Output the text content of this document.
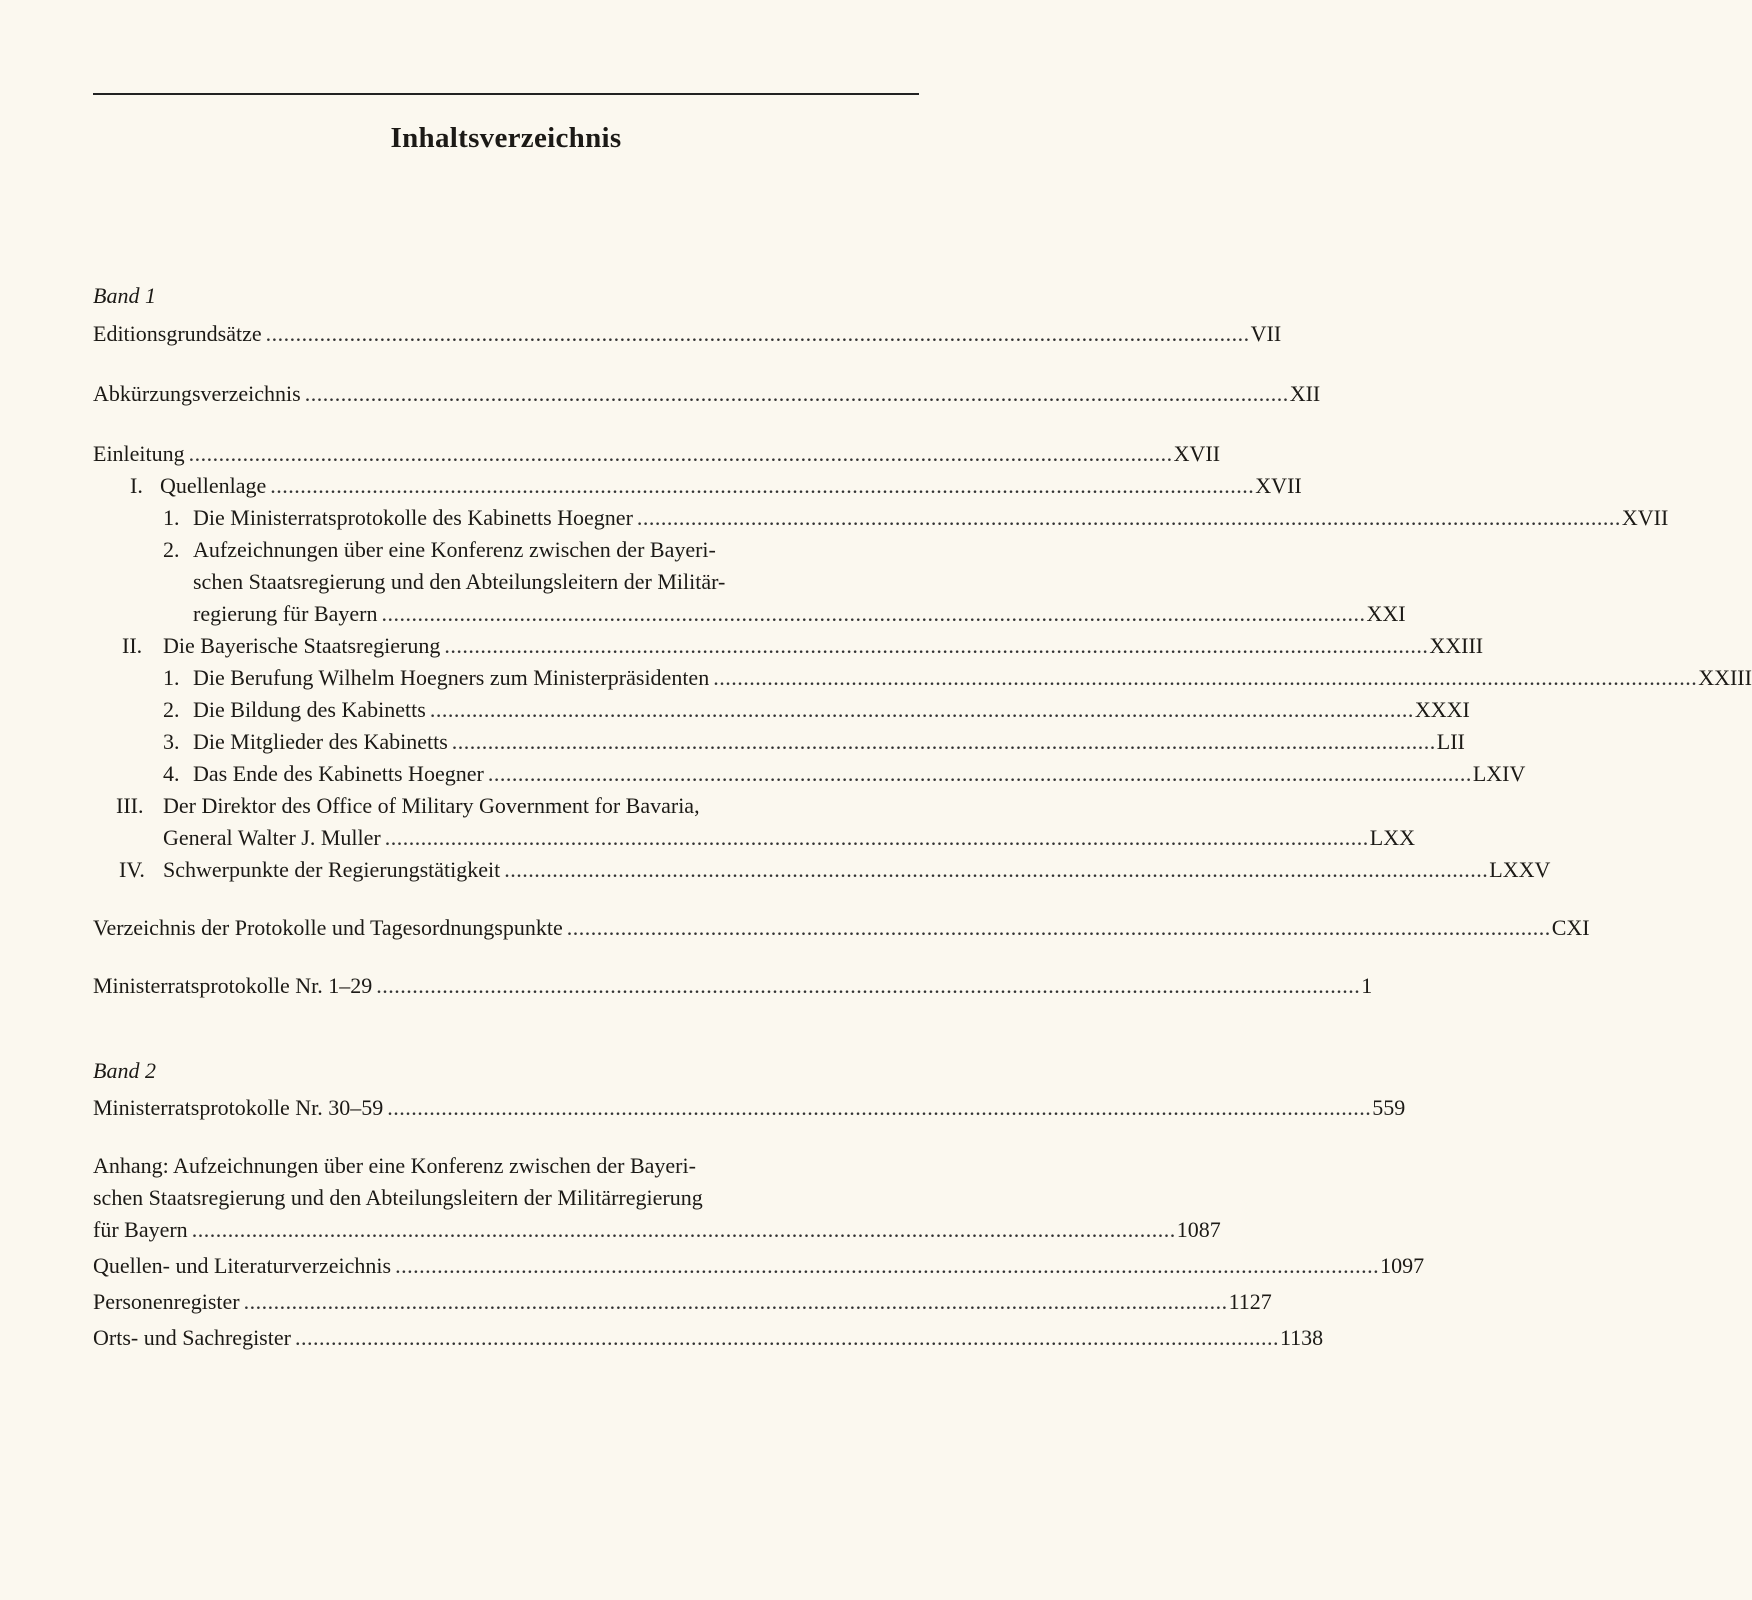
Inhaltsverzeichnis
Band 1
Editionsgrundsätze . . .	VII
Abkürzungsverzeichnis . . .	XII
Einleitung . . .	XVII
I. Quellenlage . . .	XVII
1. Die Ministerratsprotokolle des Kabinetts Hoegner . . .	XVII
2. Aufzeichnungen über eine Konferenz zwischen der Bayeri-
schen Staatsregierung und den Abteilungsleitern der Militär-
regierung für Bayern . . .	XXI
II. Die Bayerische Staatsregierung . . .	XXIII
1. Die Berufung Wilhelm Hoegners zum Ministerpräsidenten . . .	XXIII
2. Die Bildung des Kabinetts . . .	XXXI
3. Die Mitglieder des Kabinetts . . .	LII
4. Das Ende des Kabinetts Hoegner . . .	LXIV
III. Der Direktor des Office of Military Government for Bavaria,
General Walter J. Muller . . .	LXX
IV. Schwerpunkte der Regierungstätigkeit . . .	LXXV
Verzeichnis der Protokolle und Tagesordnungspunkte . . .	CXI
Ministerratsprotokolle Nr. 1–29 . . .	1
Band 2
Ministerratsprotokolle Nr. 30–59 . . .	559
Anhang: Aufzeichnungen über eine Konferenz zwischen der Bayeri-
schen Staatsregierung und den Abteilungsleitern der Militärregierung
für Bayern . . .	1087
Quellen- und Literaturverzeichnis . . .	1097
Personenregister . . .	1127
Orts- und Sachregister . . .	1138
